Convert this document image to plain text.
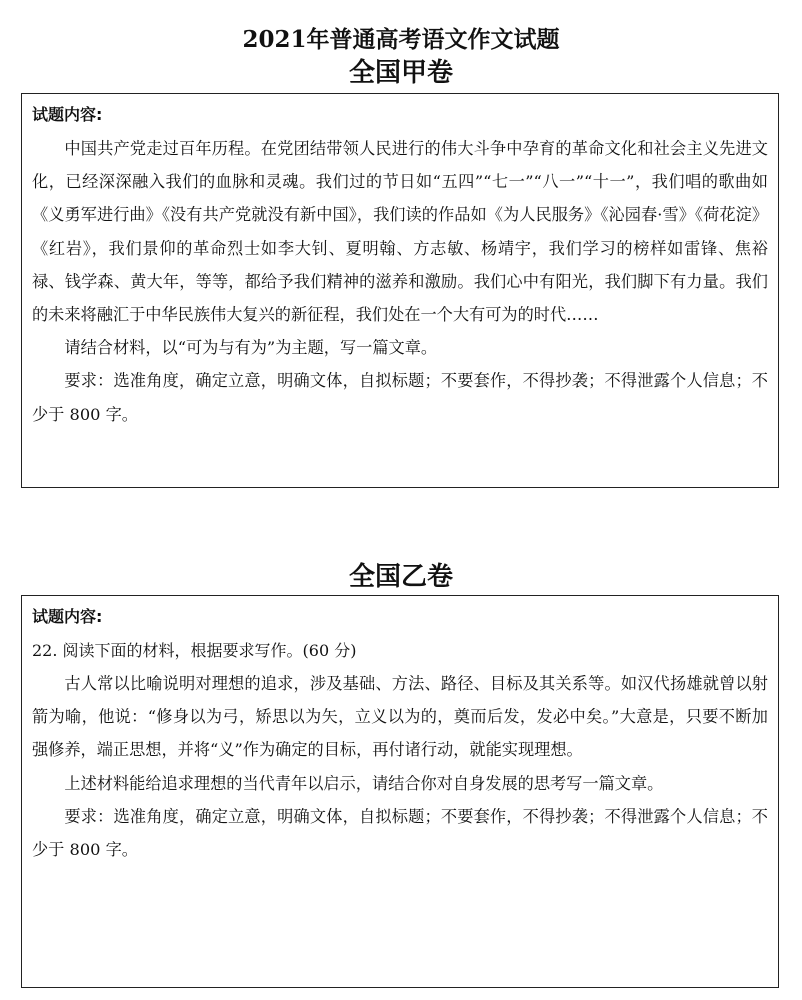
2021年普通高考语文作文试题
全国甲卷

试题内容:

中国共产党走过百年历程。在党团结带领人民进行的伟大斗争中孕育的革命文化和社会主义先进文化，已经深深融入我们的血脉和灵魂。我们过的节日如“五四”“七一”“八一”“十一”，我们唱的歌曲如《义勇军进行曲》《没有共产党就没有新中国》，我们读的作品如《为人民服务》《沁园春·雪》《荷花淀》《红岩》，我们景仰的革命烈士如李大钊、夏明翰、方志敏、杨靖宇，我们学习的榜样如雷锋、焦裕禄、钱学森、黄大年，等等，都给予我们精神的滋养和激励。我们心中有阳光，我们脚下有力量。我们的未来将融汇于中华民族伟大复兴的新征程，我们处在一个大有可为的时代……

请结合材料，以“可为与有为”为主题，写一篇文章。

要求：选准角度，确定立意，明确文体，自拟标题；不要套作，不得抄袭；不得泄露个人信息；不少于 800 字。

全国乙卷

试题内容:

22. 阅读下面的材料，根据要求写作。(60 分)

古人常以比喻说明对理想的追求，涉及基础、方法、路径、目标及其关系等。如汉代扬雄就曾以射箭为喻，他说：“修身以为弓，矫思以为矢，立义以为的，奠而后发，发必中矣。”大意是，只要不断加强修养，端正思想，并将“义”作为确定的目标，再付诸行动，就能实现理想。

上述材料能给追求理想的当代青年以启示，请结合你对自身发展的思考写一篇文章。

要求：选准角度，确定立意，明确文体，自拟标题；不要套作，不得抄袭；不得泄露个人信息；不少于 800 字。
